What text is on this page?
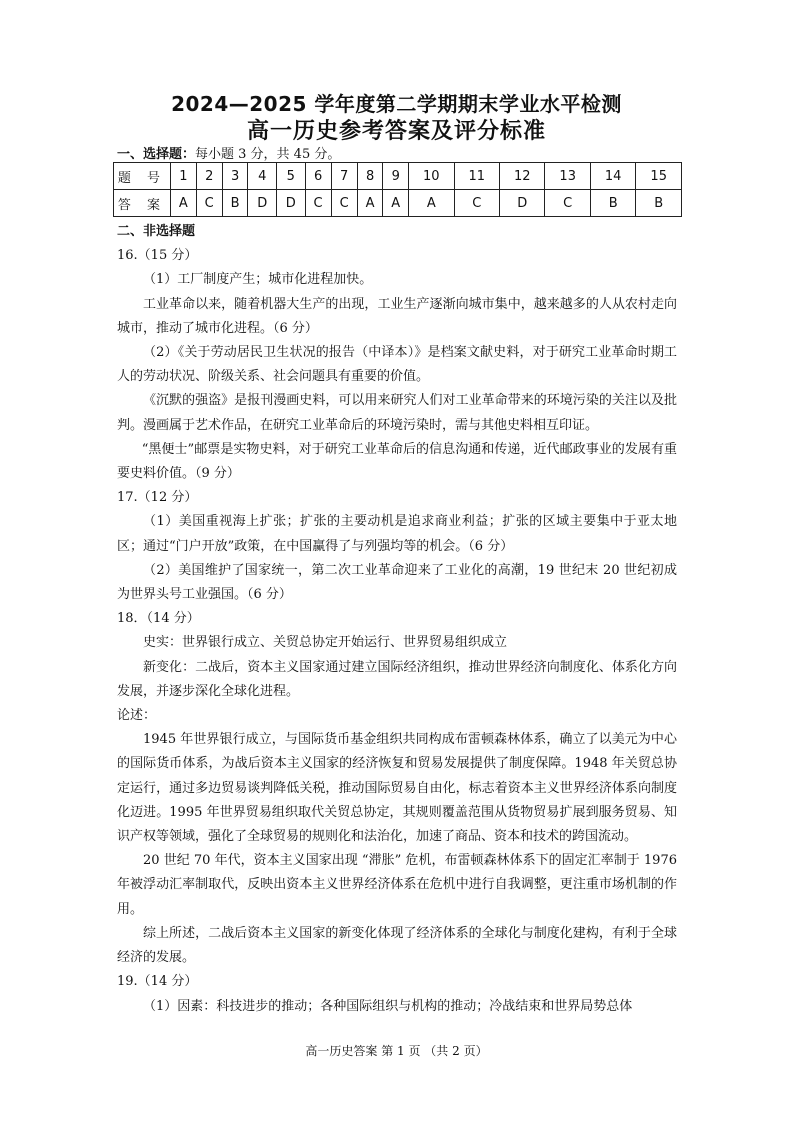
2024—2025 学年度第二学期期末学业水平检测
高一历史参考答案及评分标准
一、选择题：每小题 3 分，共 45 分。
题 号	1	2	3	4	5	6	7	8	9	10	11	12	13	14	15
答 案	A	C	B	D	D	C	C	A	A	A	C	D	C	B	B

二、非选择题

16.（15 分）

（1）工厂制度产生；城市化进程加快。

工业革命以来，随着机器大生产的出现，工业生产逐渐向城市集中，越来越多的人从农村走向城市，推动了城市化进程。（6 分）

（2）《关于劳动居民卫生状况的报告（中译本）》是档案文献史料，对于研究工业革命时期工人的劳动状况、阶级关系、社会问题具有重要的价值。

《沉默的强盗》是报刊漫画史料，可以用来研究人们对工业革命带来的环境污染的关注以及批判。漫画属于艺术作品，在研究工业革命后的环境污染时，需与其他史料相互印证。

“黑便士”邮票是实物史料，对于研究工业革命后的信息沟通和传递，近代邮政事业的发展有重要史料价值。（9 分）

17.（12 分）

（1）美国重视海上扩张；扩张的主要动机是追求商业利益；扩张的区域主要集中于亚太地区；通过“门户开放”政策，在中国赢得了与列强均等的机会。（6 分）

（2）美国维护了国家统一，第二次工业革命迎来了工业化的高潮，19 世纪末 20 世纪初成为世界头号工业强国。（6 分）

18．（14 分）

史实：世界银行成立、关贸总协定开始运行、世界贸易组织成立

新变化：二战后，资本主义国家通过建立国际经济组织，推动世界经济向制度化、体系化方向发展，并逐步深化全球化进程。

论述：

1945 年世界银行成立，与国际货币基金组织共同构成布雷顿森林体系，确立了以美元为中心的国际货币体系，为战后资本主义国家的经济恢复和贸易发展提供了制度保障。1948 年关贸总协定运行，通过多边贸易谈判降低关税，推动国际贸易自由化，标志着资本主义世界经济体系向制度化迈进。1995 年世界贸易组织取代关贸总协定，其规则覆盖范围从货物贸易扩展到服务贸易、知识产权等领域，强化了全球贸易的规则化和法治化，加速了商品、资本和技术的跨国流动。

20 世纪 70 年代，资本主义国家出现 “滞胀” 危机，布雷顿森林体系下的固定汇率制于 1976 年被浮动汇率制取代，反映出资本主义世界经济体系在危机中进行自我调整，更注重市场机制的作用。

综上所述，二战后资本主义国家的新变化体现了经济体系的全球化与制度化建构，有利于全球经济的发展。

19.（14 分）

（1）因素：科技进步的推动；各种国际组织与机构的推动；冷战结束和世界局势总体

高一历史答案 第 1 页 （共 2 页）
